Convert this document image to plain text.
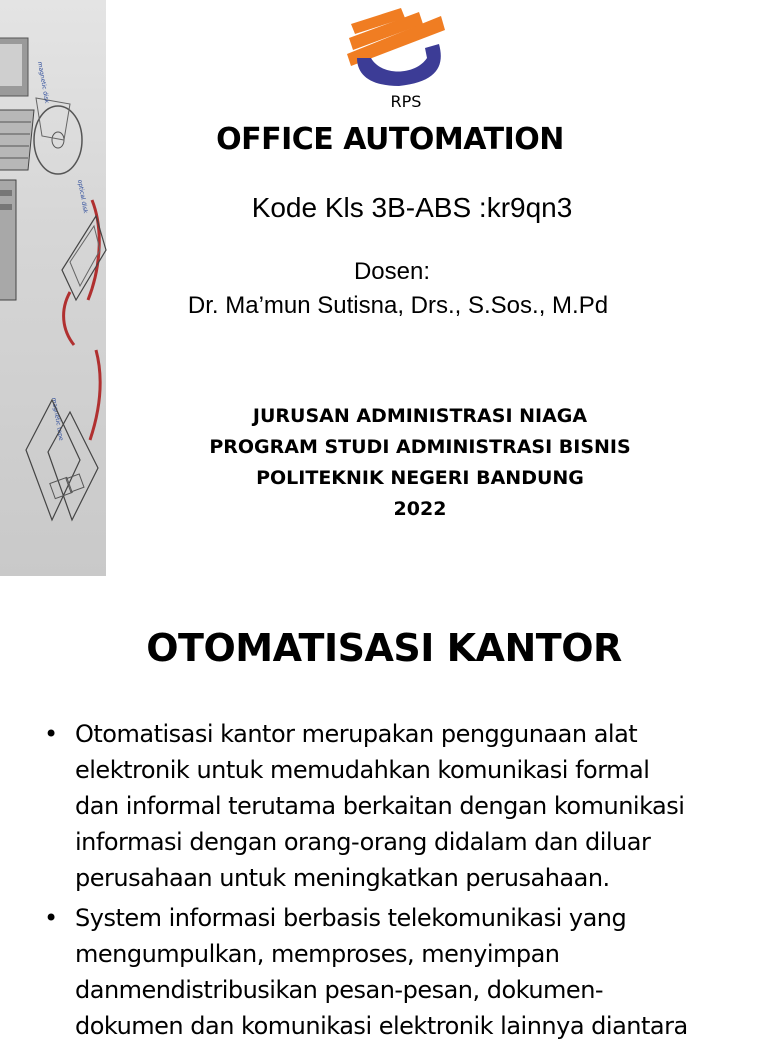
magnetic disk
optical disk
magnetic tape
RPS
OFFICE AUTOMATION
Kode Kls 3B-ABS :kr9qn3
Dosen:
Dr. Ma’mun Sutisna, Drs., S.Sos., M.Pd
JURUSAN ADMINISTRASI NIAGA
PROGRAM STUDI ADMINISTRASI BISNIS
POLITEKNIK NEGERI BANDUNG
2022
OTOMATISASI KANTOR
• Otomatisasi kantor merupakan penggunaan alat
elektronik untuk memudahkan komunikasi formal
dan informal terutama berkaitan dengan komunikasi
informasi dengan orang-orang didalam dan diluar
perusahaan untuk meningkatkan perusahaan.
• System informasi berbasis telekomunikasi yang
mengumpulkan, memproses, menyimpan
danmendistribusikan pesan-pesan, dokumen-
dokumen dan komunikasi elektronik lainnya diantara
